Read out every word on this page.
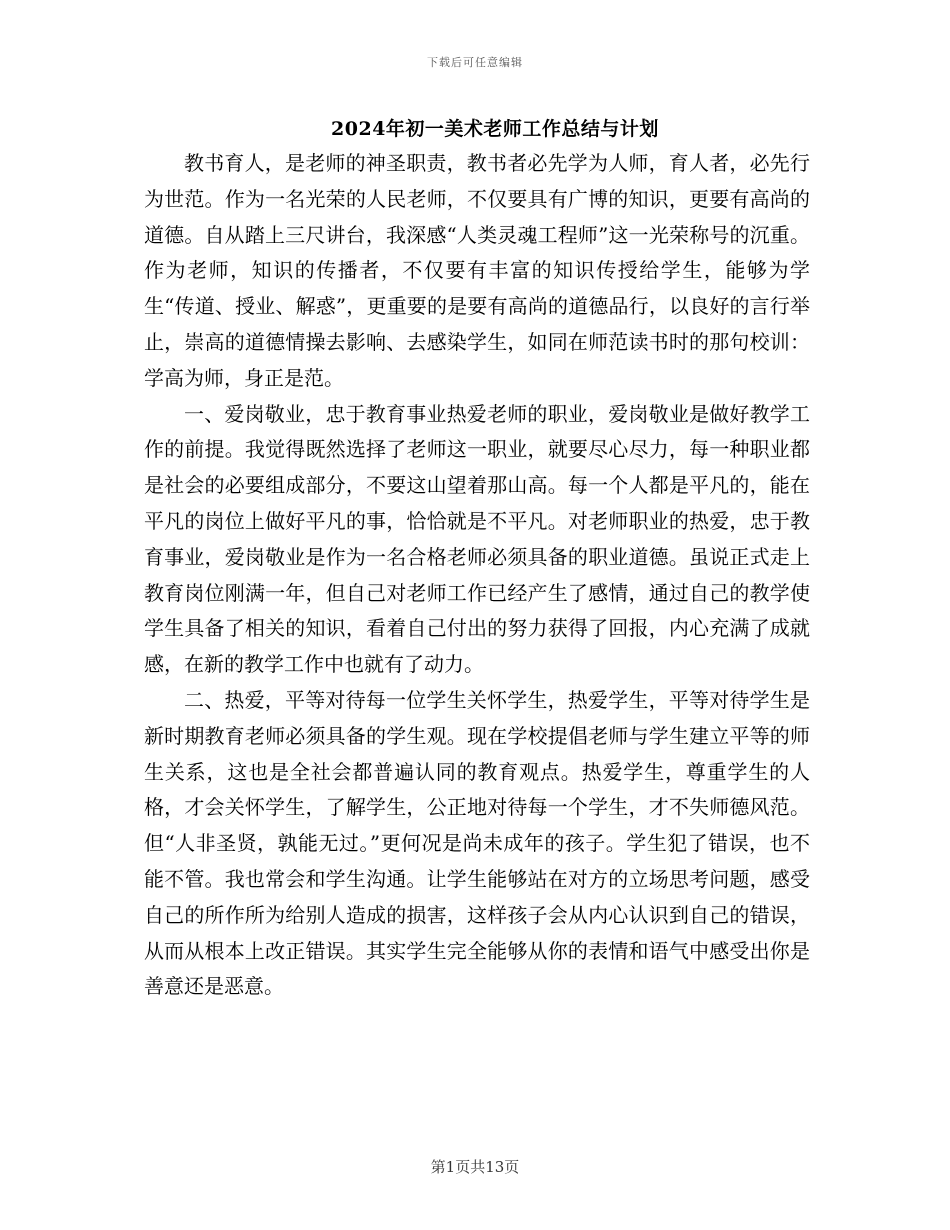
下载后可任意编辑
2024年初一美术老师工作总结与计划

教书育人，是老师的神圣职责，教书者必先学为人师，育人者，必先行为世范。作为一名光荣的人民老师，不仅要具有广博的知识，更要有高尚的道德。自从踏上三尺讲台，我深感“人类灵魂工程师”这一光荣称号的沉重。作为老师，知识的传播者，不仅要有丰富的知识传授给学生，能够为学生“传道、授业、解惑”，更重要的是要有高尚的道德品行，以良好的言行举止，崇高的道德情操去影响、去感染学生，如同在师范读书时的那句校训：学高为师，身正是范。

一、爱岗敬业，忠于教育事业热爱老师的职业，爱岗敬业是做好教学工作的前提。我觉得既然选择了老师这一职业，就要尽心尽力，每一种职业都是社会的必要组成部分，不要这山望着那山高。每一个人都是平凡的，能在平凡的岗位上做好平凡的事，恰恰就是不平凡。对老师职业的热爱，忠于教育事业，爱岗敬业是作为一名合格老师必须具备的职业道德。虽说正式走上教育岗位刚满一年，但自己对老师工作已经产生了感情，通过自己的教学使学生具备了相关的知识，看着自己付出的努力获得了回报，内心充满了成就感，在新的教学工作中也就有了动力。

二、热爱，平等对待每一位学生关怀学生，热爱学生，平等对待学生是新时期教育老师必须具备的学生观。现在学校提倡老师与学生建立平等的师生关系，这也是全社会都普遍认同的教育观点。热爱学生，尊重学生的人格，才会关怀学生，了解学生，公正地对待每一个学生，才不失师德风范。但“人非圣贤，孰能无过。”更何况是尚未成年的孩子。学生犯了错误，也不能不管。我也常会和学生沟通。让学生能够站在对方的立场思考问题，感受自己的所作所为给别人造成的损害，这样孩子会从内心认识到自己的错误，从而从根本上改正错误。其实学生完全能够从你的表情和语气中感受出你是善意还是恶意。

第1页共13页
